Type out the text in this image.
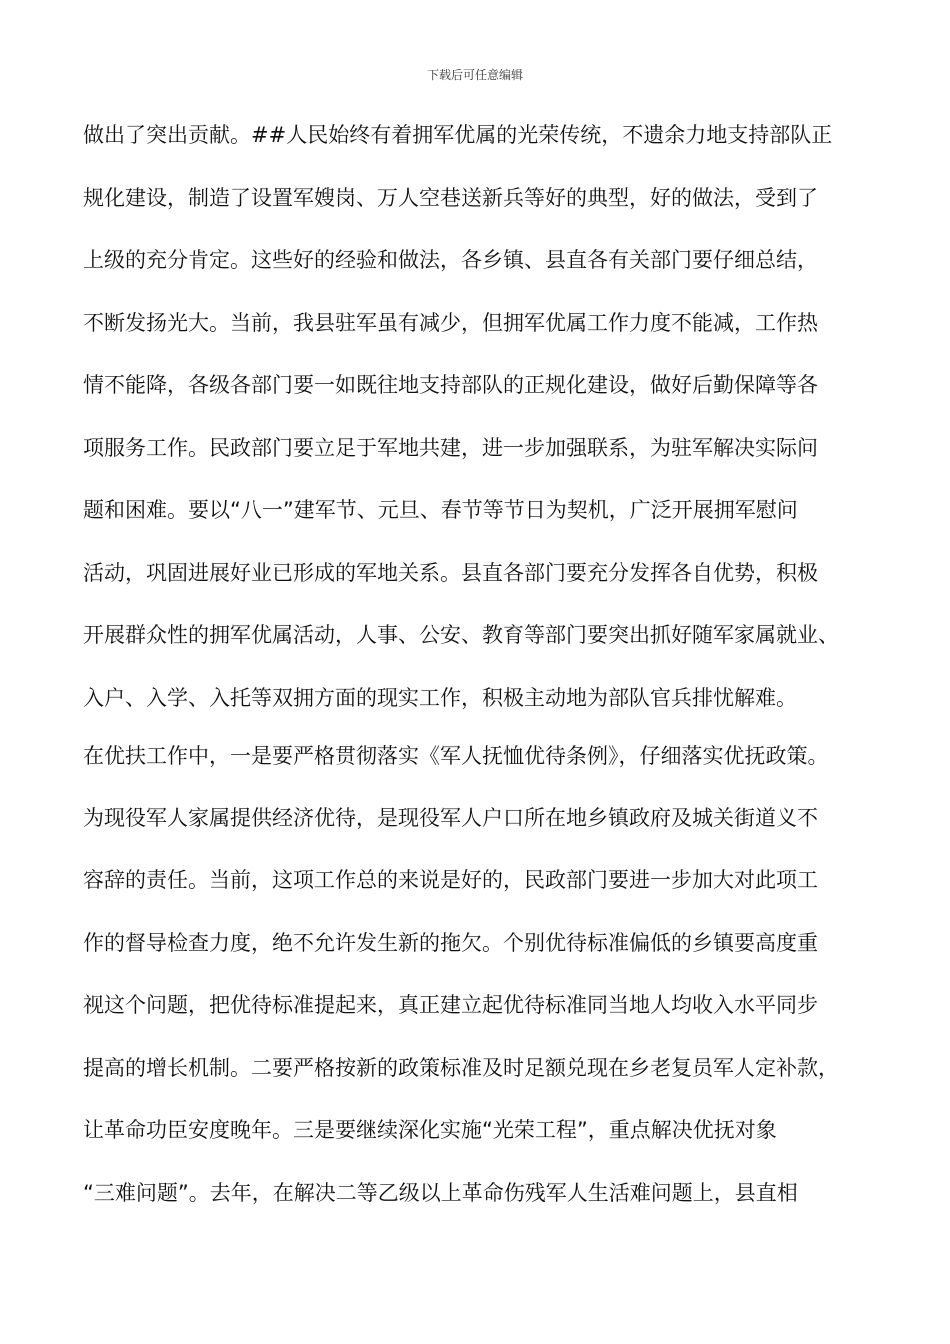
下载后可任意编辑
做出了突出贡献。##人民始终有着拥军优属的光荣传统，不遗余力地支持部队正
规化建设，制造了设置军嫂岗、万人空巷送新兵等好的典型，好的做法，受到了
上级的充分肯定。这些好的经验和做法，各乡镇、县直各有关部门要仔细总结，
不断发扬光大。当前，我县驻军虽有减少，但拥军优属工作力度不能减，工作热
情不能降，各级各部门要一如既往地支持部队的正规化建设，做好后勤保障等各
项服务工作。民政部门要立足于军地共建，进一步加强联系，为驻军解决实际问
题和困难。要以“八一”建军节、元旦、春节等节日为契机，广泛开展拥军慰问
活动，巩固进展好业已形成的军地关系。县直各部门要充分发挥各自优势，积极
开展群众性的拥军优属活动，人事、公安、教育等部门要突出抓好随军家属就业、
入户、入学、入托等双拥方面的现实工作，积极主动地为部队官兵排忧解难。
在优扶工作中，一是要严格贯彻落实《军人抚恤优待条例》，仔细落实优抚政策。
为现役军人家属提供经济优待，是现役军人户口所在地乡镇政府及城关街道义不
容辞的责任。当前，这项工作总的来说是好的，民政部门要进一步加大对此项工
作的督导检查力度，绝不允许发生新的拖欠。个别优待标准偏低的乡镇要高度重
视这个问题，把优待标准提起来，真正建立起优待标准同当地人均收入水平同步
提高的增长机制。二要严格按新的政策标准及时足额兑现在乡老复员军人定补款，
让革命功臣安度晚年。三是要继续深化实施“光荣工程”，重点解决优抚对象
“三难问题”。去年，在解决二等乙级以上革命伤残军人生活难问题上，县直相
